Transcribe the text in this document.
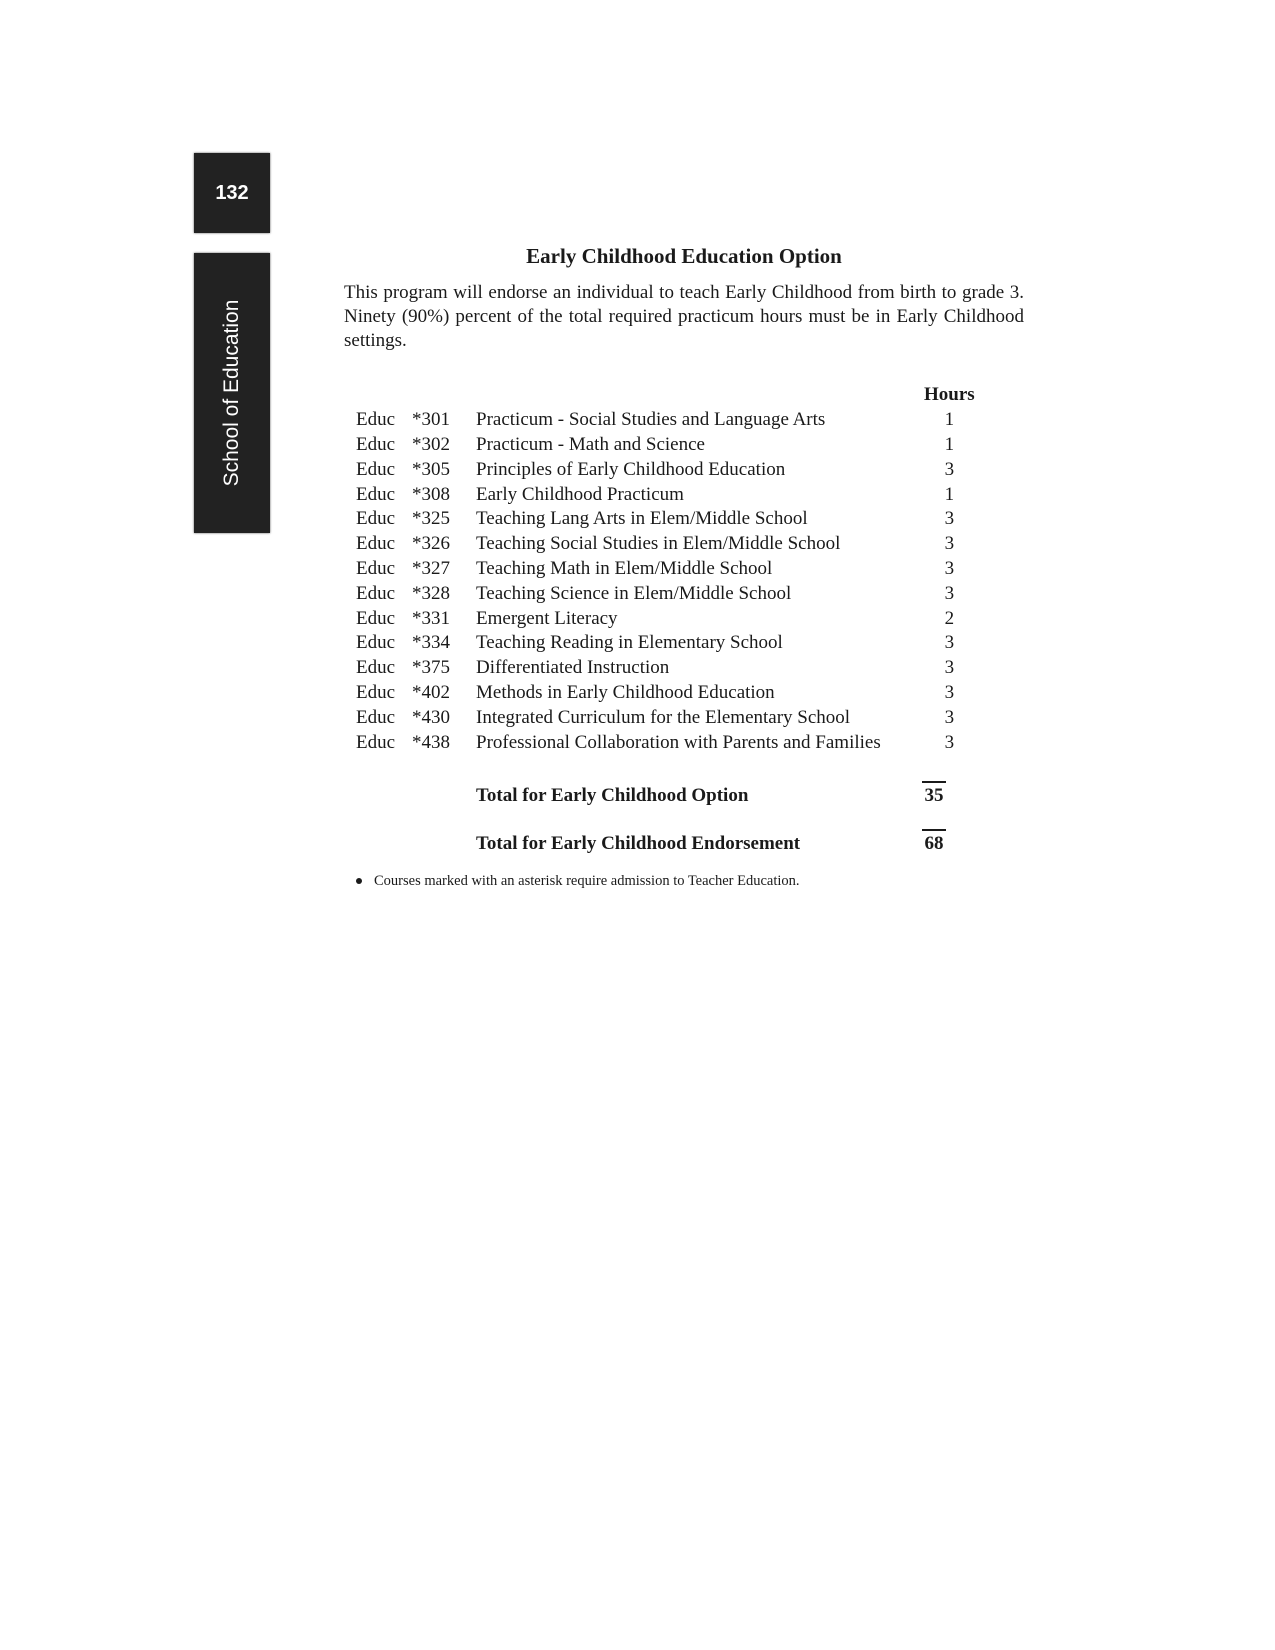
132
School of Education
Early Childhood Education Option

This program will endorse an individual to teach Early Childhood from birth to grade 3. Ninety (90%) percent of the total required practicum hours must be in Early Childhood settings.

			Hours
Educ	*301	Practicum - Social Studies and Language Arts	1
Educ	*302	Practicum - Math and Science	1
Educ	*305	Principles of Early Childhood Education	3
Educ	*308	Early Childhood Practicum	1
Educ	*325	Teaching Lang Arts in Elem/Middle School	3
Educ	*326	Teaching Social Studies in Elem/Middle School	3
Educ	*327	Teaching Math in Elem/Middle School	3
Educ	*328	Teaching Science in Elem/Middle School	3
Educ	*331	Emergent Literacy	2
Educ	*334	Teaching Reading in Elementary School	3
Educ	*375	Differentiated Instruction	3
Educ	*402	Methods in Early Childhood Education	3
Educ	*430	Integrated Curriculum for the Elementary School	3
Educ	*438	Professional Collaboration with Parents and Families	3
Total for Early Childhood Option	35
Total for Early Childhood Endorsement	68
Courses marked with an asterisk require admission to Teacher Education.
